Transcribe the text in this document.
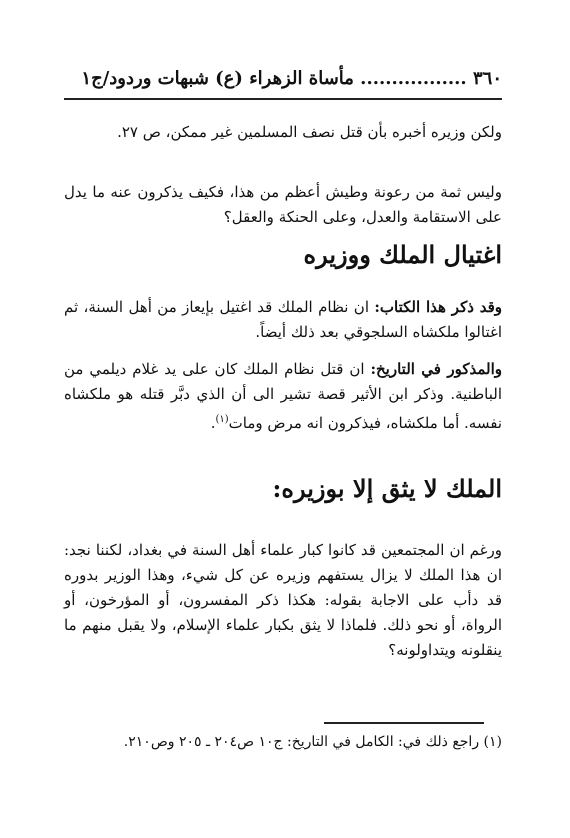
٣٦٠ ................. مأساة الزهراء (ع) شبهات وردود/ج١
ولكن وزيره أخبره بأن قتل نصف المسلمين غير ممكن، ص ٢٧.
وليس ثمة من رعونة وطيش أعظم من هذا، فكيف يذكرون عنه ما يدل على الاستقامة والعدل، وعلى الحنكة والعقل؟
اغتيال الملك ووزيره
وقد ذكر هذا الكتاب: ان نظام الملك قد اغتيل بإيعاز من أهل السنة، ثم اغتالوا ملكشاه السلجوقي بعد ذلك أيضاً.
والمذكور في التاريخ: ان قتل نظام الملك كان على يد غلام ديلمي من الباطنية. وذكر ابن الأثير قصة تشير الى أن الذي دبَّر قتله هو ملكشاه نفسه. أما ملكشاه، فيذكرون انه مرض ومات$^{(١)}$.
الملك لا يثق إلا بوزيره:
ورغم ان المجتمعين قد كانوا كبار علماء أهل السنة في بغداد، لكننا نجد: ان هذا الملك لا يزال يستفهم وزيره عن كل شيء، وهذا الوزير بدوره قد دأب على الاجابة بقوله: هكذا ذكر المفسرون، أو المؤرخون، أو الرواة، أو نحو ذلك. فلماذا لا يثق بكبار علماء الإسلام، ولا يقبل منهم ما ينقلونه ويتداولونه؟
(١) راجع ذلك في: الكامل في التاريخ: ج١٠ ص٢٠٤ ـ ٢٠٥ وص٢١٠.
